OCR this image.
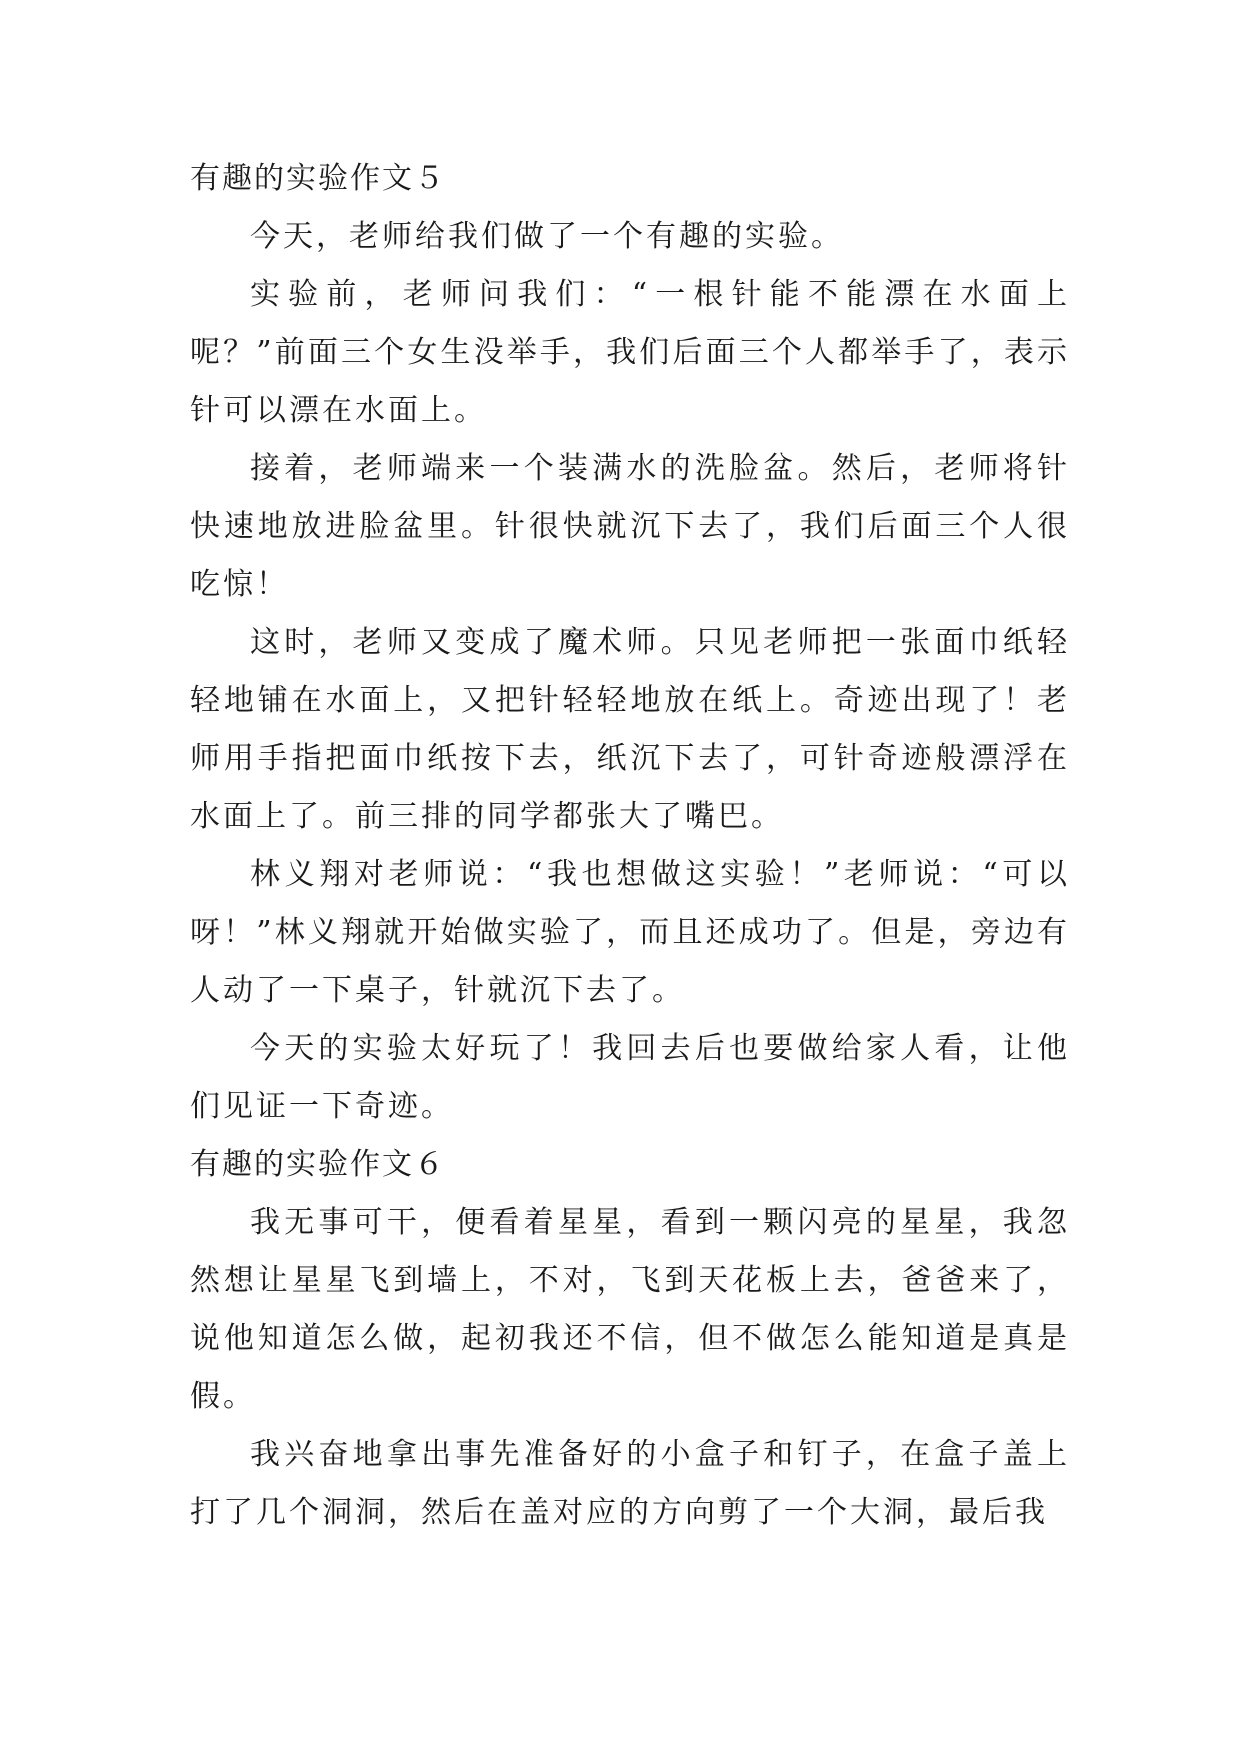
有趣的实验作文５

今天，老师给我们做了一个有趣的实验。

实验前，老师问我们：“一根针能不能漂在水面上呢？”前面三个女生没举手，我们后面三个人都举手了，表示针可以漂在水面上。

接着，老师端来一个装满水的洗脸盆。然后，老师将针快速地放进脸盆里。针很快就沉下去了，我们后面三个人很吃惊！

这时，老师又变成了魔术师。只见老师把一张面巾纸轻轻地铺在水面上，又把针轻轻地放在纸上。奇迹出现了！老师用手指把面巾纸按下去，纸沉下去了，可针奇迹般漂浮在水面上了。前三排的同学都张大了嘴巴。

林义翔对老师说：“我也想做这实验！”老师说：“可以呀！”林义翔就开始做实验了，而且还成功了。但是，旁边有人动了一下桌子，针就沉下去了。

今天的实验太好玩了！我回去后也要做给家人看，让他们见证一下奇迹。

有趣的实验作文６

我无事可干，便看着星星，看到一颗闪亮的星星，我忽然想让星星飞到墙上，不对，飞到天花板上去，爸爸来了，说他知道怎么做，起初我还不信，但不做怎么能知道是真是假。

我兴奋地拿出事先准备好的小盒子和钉子，在盒子盖上打了几个洞洞，然后在盖对应的方向剪了一个大洞，最后我
